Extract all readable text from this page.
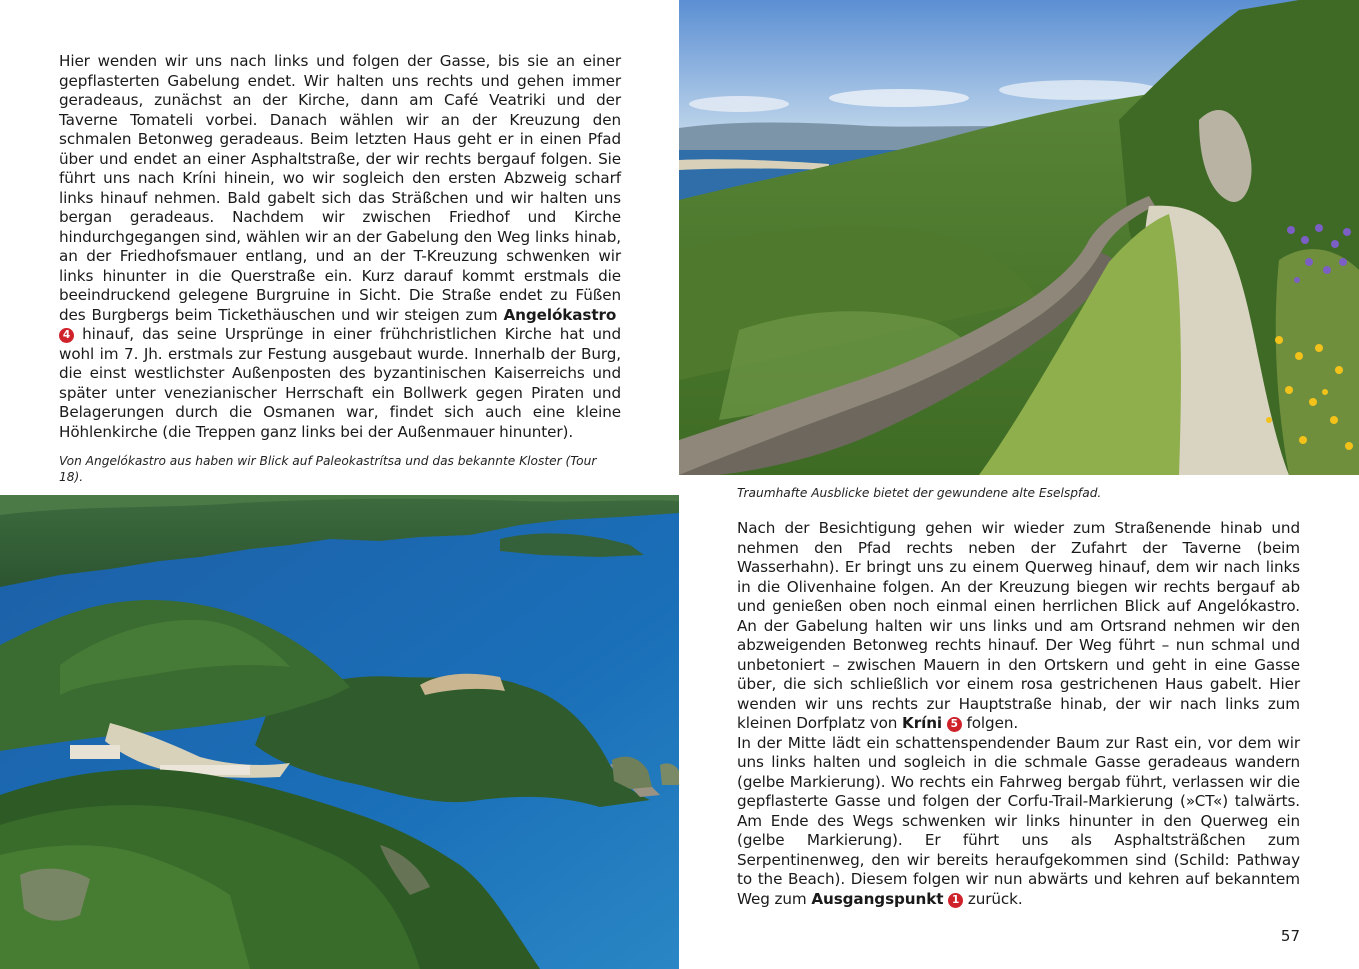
Hier wenden wir uns nach links und folgen der Gasse, bis sie an einer gepflasterten Gabelung endet. Wir halten uns rechts und gehen immer geradeaus, zunächst an der Kirche, dann am Café Veatriki und der Taverne Tomateli vorbei. Danach wählen wir an der Kreuzung den schmalen Betonweg geradeaus. Beim letzten Haus geht er in einen Pfad über und endet an einer Asphaltstraße, der wir rechts bergauf folgen. Sie führt uns nach Kríni hinein, wo wir sogleich den ersten Abzweig scharf links hinauf nehmen. Bald gabelt sich das Sträßchen und wir halten uns bergan geradeaus. Nachdem wir zwischen Friedhof und Kirche hindurchgegangen sind, wählen wir an der Gabelung den Weg links hinab, an der Friedhofsmauer entlang, und an der T-Kreuzung schwenken wir links hinunter in die Querstraße ein. Kurz darauf kommt erstmals die beeindruckend gelegene Burgruine in Sicht. Die Straße endet zu Füßen des Burgbergs beim Tickethäuschen und wir steigen zum Angelókastro 4 hinauf, das seine Ursprünge in einer frühchristlichen Kirche hat und wohl im 7. Jh. erstmals zur Festung ausgebaut wurde. Innerhalb der Burg, die einst westlichster Außenposten des byzantinischen Kaiserreichs und später unter venezianischer Herrschaft ein Bollwerk gegen Piraten und Belagerungen durch die Osmanen war, findet sich auch eine kleine Höhlenkirche (die Treppen ganz links bei der Außenmauer hinunter).

Von Angelókastro aus haben wir Blick auf Paleokastrítsa und das bekannte Kloster (Tour 18).
Traumhafte Ausblicke bietet der gewundene alte Eselspfad.

Nach der Besichtigung gehen wir wieder zum Straßenende hinab und nehmen den Pfad rechts neben der Zufahrt der Taverne (beim Wasserhahn). Er bringt uns zu einem Querweg hinauf, dem wir nach links in die Olivenhaine folgen. An der Kreuzung biegen wir rechts bergauf ab und genießen oben noch einmal einen herrlichen Blick auf Angelókastro. An der Gabelung halten wir uns links und am Ortsrand nehmen wir den abzweigenden Betonweg rechts hinauf. Der Weg führt – nun schmal und unbetoniert – zwischen Mauern in den Ortskern und geht in eine Gasse über, die sich schließlich vor einem rosa gestrichenen Haus gabelt. Hier wenden wir uns rechts zur Hauptstraße hinab, der wir nach links zum kleinen Dorfplatz von Kríni 5 folgen.

In der Mitte lädt ein schattenspendender Baum zur Rast ein, vor dem wir uns links halten und sogleich in die schmale Gasse geradeaus wandern (gelbe Markierung). Wo rechts ein Fahrweg bergab führt, verlassen wir die gepflasterte Gasse und folgen der Corfu-Trail-Markierung (»CT«) talwärts. Am Ende des Wegs schwenken wir links hinunter in den Querweg ein (gelbe Markierung). Er führt uns als Asphaltsträßchen zum Serpentinenweg, den wir bereits heraufgekommen sind (Schild: Pathway to the Beach). Diesem folgen wir nun abwärts und kehren auf bekanntem Weg zum Ausgangspunkt 1 zurück.

57
